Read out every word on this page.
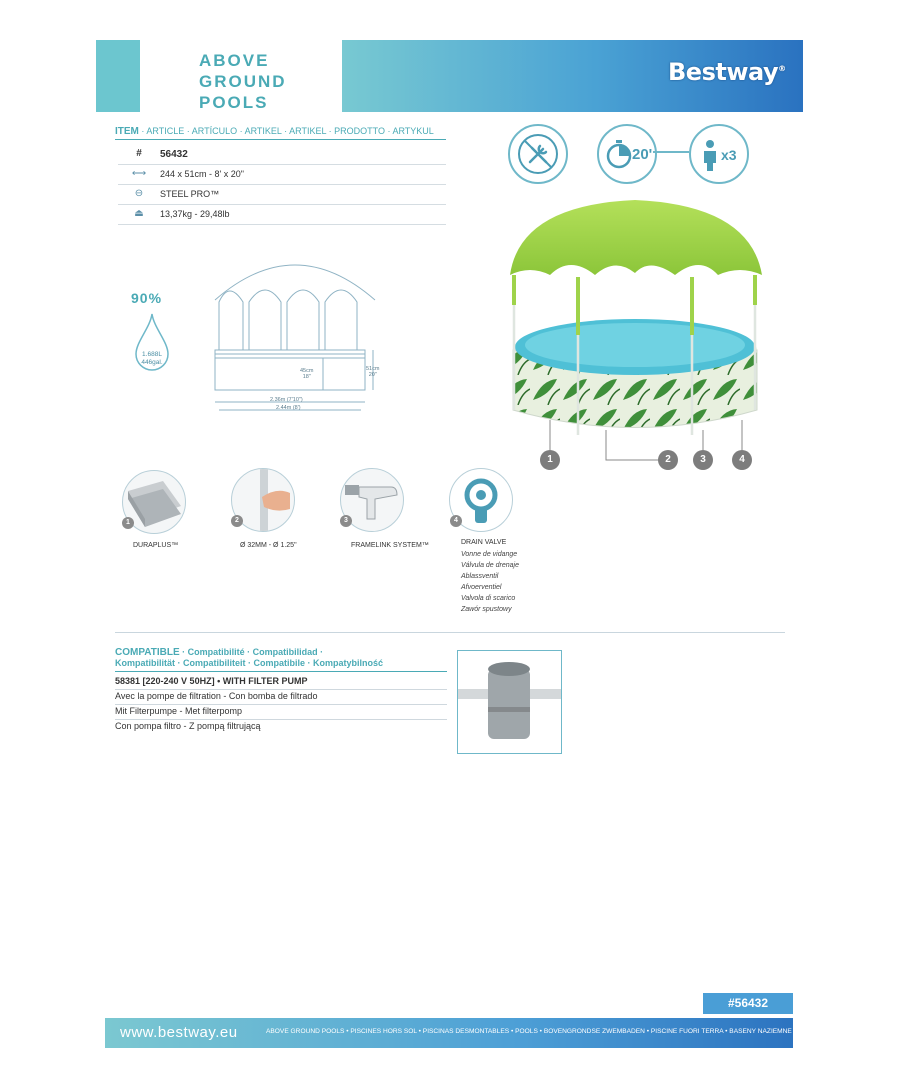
ABOVE
GROUND
POOLS
Bestway®
ITEM · ARTICLE · ARTÍCULO · ARTIKEL · ARTIKEL · PRODOTTO · ARTYKUL
#	56432
⟷	244 x 51cm - 8' x 20"
⊖	STEEL PRO™
⏏	13,37kg - 29,48lb
20'	x3
90%
1.688L
446gal.
45cm
18"
51cm
20"
2.36m (7'10")
2.44m (8')
1	2	3	4
1
DURAPLUS™
2
Ø 32MM - Ø 1.25"
3
FRAMELINK SYSTEM™
4
DRAIN VALVE
Vonne de vidange
Válvula de drenaje
Ablassventil
Afvoerventiel
Valvola di scarico
Zawór spustowy
COMPATIBLE · Compatibilité · Compatibilidad ·
Kompatibilität · Compatibiliteit · Compatibile · Kompatybilność
58381 [220-240 V 50HZ] • WITH FILTER PUMP
Avec la pompe de filtration - Con bomba de filtrado
Mit Filterpumpe - Met filterpomp
Con pompa filtro - Z pompą filtrującą
#56432
www.bestway.eu	ABOVE GROUND POOLS • PISCINES HORS SOL • PISCINAS DESMONTABLES • POOLS • BOVENGRONDSE ZWEMBADEN • PISCINE FUORI TERRA • BASENY NAZIEMNE
